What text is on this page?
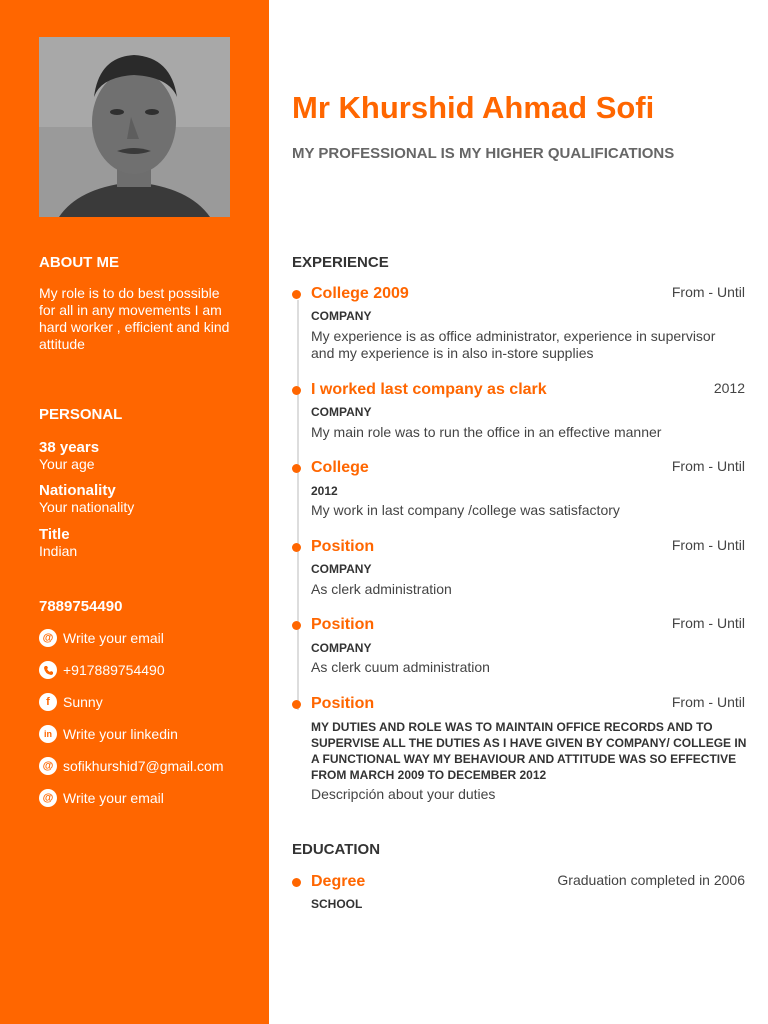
ABOUT ME
My role is to do best possible for all in any movements I am hard worker , efficient and kind attitude
PERSONAL
38 years
Your age
Nationality
Your nationality
Title
Indian
7889754490
@ Write your email
+917889754490
f Sunny
in Write your linkedin
@ sofikhurshid7@gmail.com
@ Write your email
Mr Khurshid Ahmad Sofi
MY PROFESSIONAL IS MY HIGHER QUALIFICATIONS
EXPERIENCE
College 2009	From - Until
COMPANY
My experience is as office administrator, experience in supervisor and my experience is in also in-store supplies
I worked last company as clark	2012
COMPANY
My main role was to run the office in an effective manner
College	From - Until
2012
My work in last company /college was satisfactory
Position	From - Until
COMPANY
As clerk administration
Position	From - Until
COMPANY
As clerk cuum administration
Position	From - Until
MY DUTIES AND ROLE WAS TO MAINTAIN OFFICE RECORDS AND TO SUPERVISE ALL THE DUTIES AS I HAVE GIVEN BY COMPANY/ COLLEGE IN A FUNCTIONAL WAY MY BEHAVIOUR AND ATTITUDE WAS SO EFFECTIVE FROM MARCH 2009 TO DECEMBER 2012
Descripción about your duties
EDUCATION
Degree	Graduation completed in 2006
SCHOOL
